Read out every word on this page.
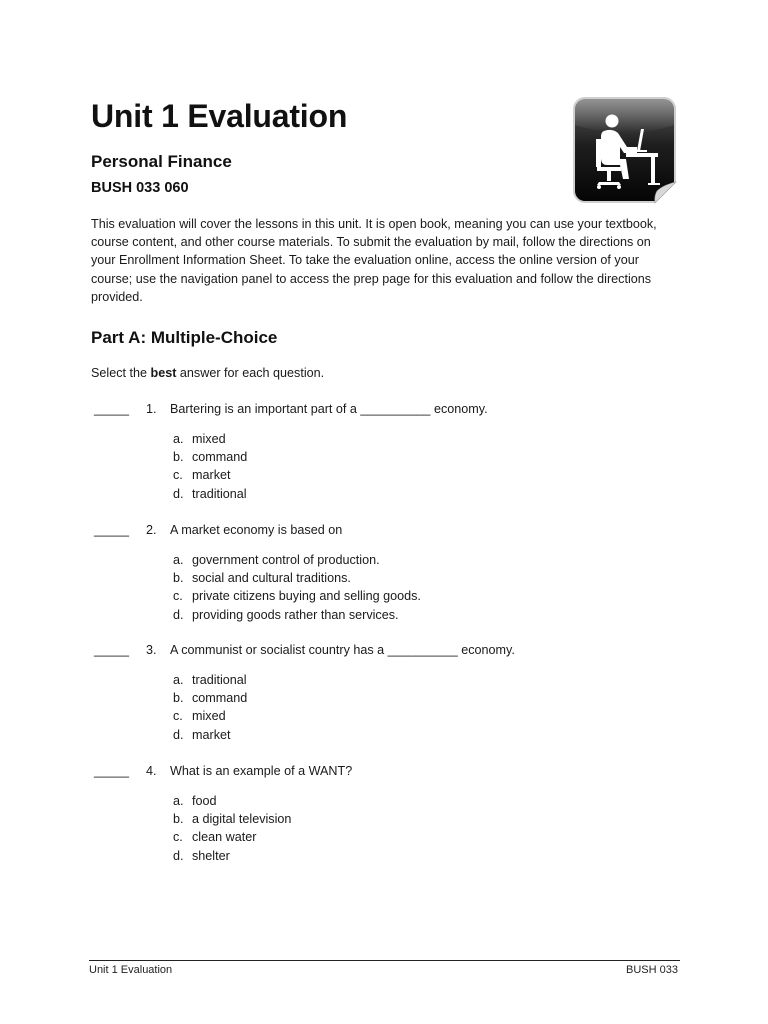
Unit 1 Evaluation
Personal Finance
BUSH 033 060

This evaluation will cover the lessons in this unit. It is open book, meaning you can use your textbook, course content, and other course materials. To submit the evaluation by mail, follow the directions on your Enrollment Information Sheet. To take the evaluation online, access the online version of your course; use the navigation panel to access the prep page for this evaluation and follow the directions provided.

Part A: Multiple-Choice

Select the best answer for each question.

_____ 1. Bartering is an important part of a __________ economy.
a. mixed
b. command
c. market
d. traditional
_____ 2. A market economy is based on
a. government control of production.
b. social and cultural traditions.
c. private citizens buying and selling goods.
d. providing goods rather than services.
_____ 3. A communist or socialist country has a __________ economy.
a. traditional
b. command
c. mixed
d. market
_____ 4. What is an example of a WANT?
a. food
b. a digital television
c. clean water
d. shelter
Unit 1 Evaluation	BUSH 033
